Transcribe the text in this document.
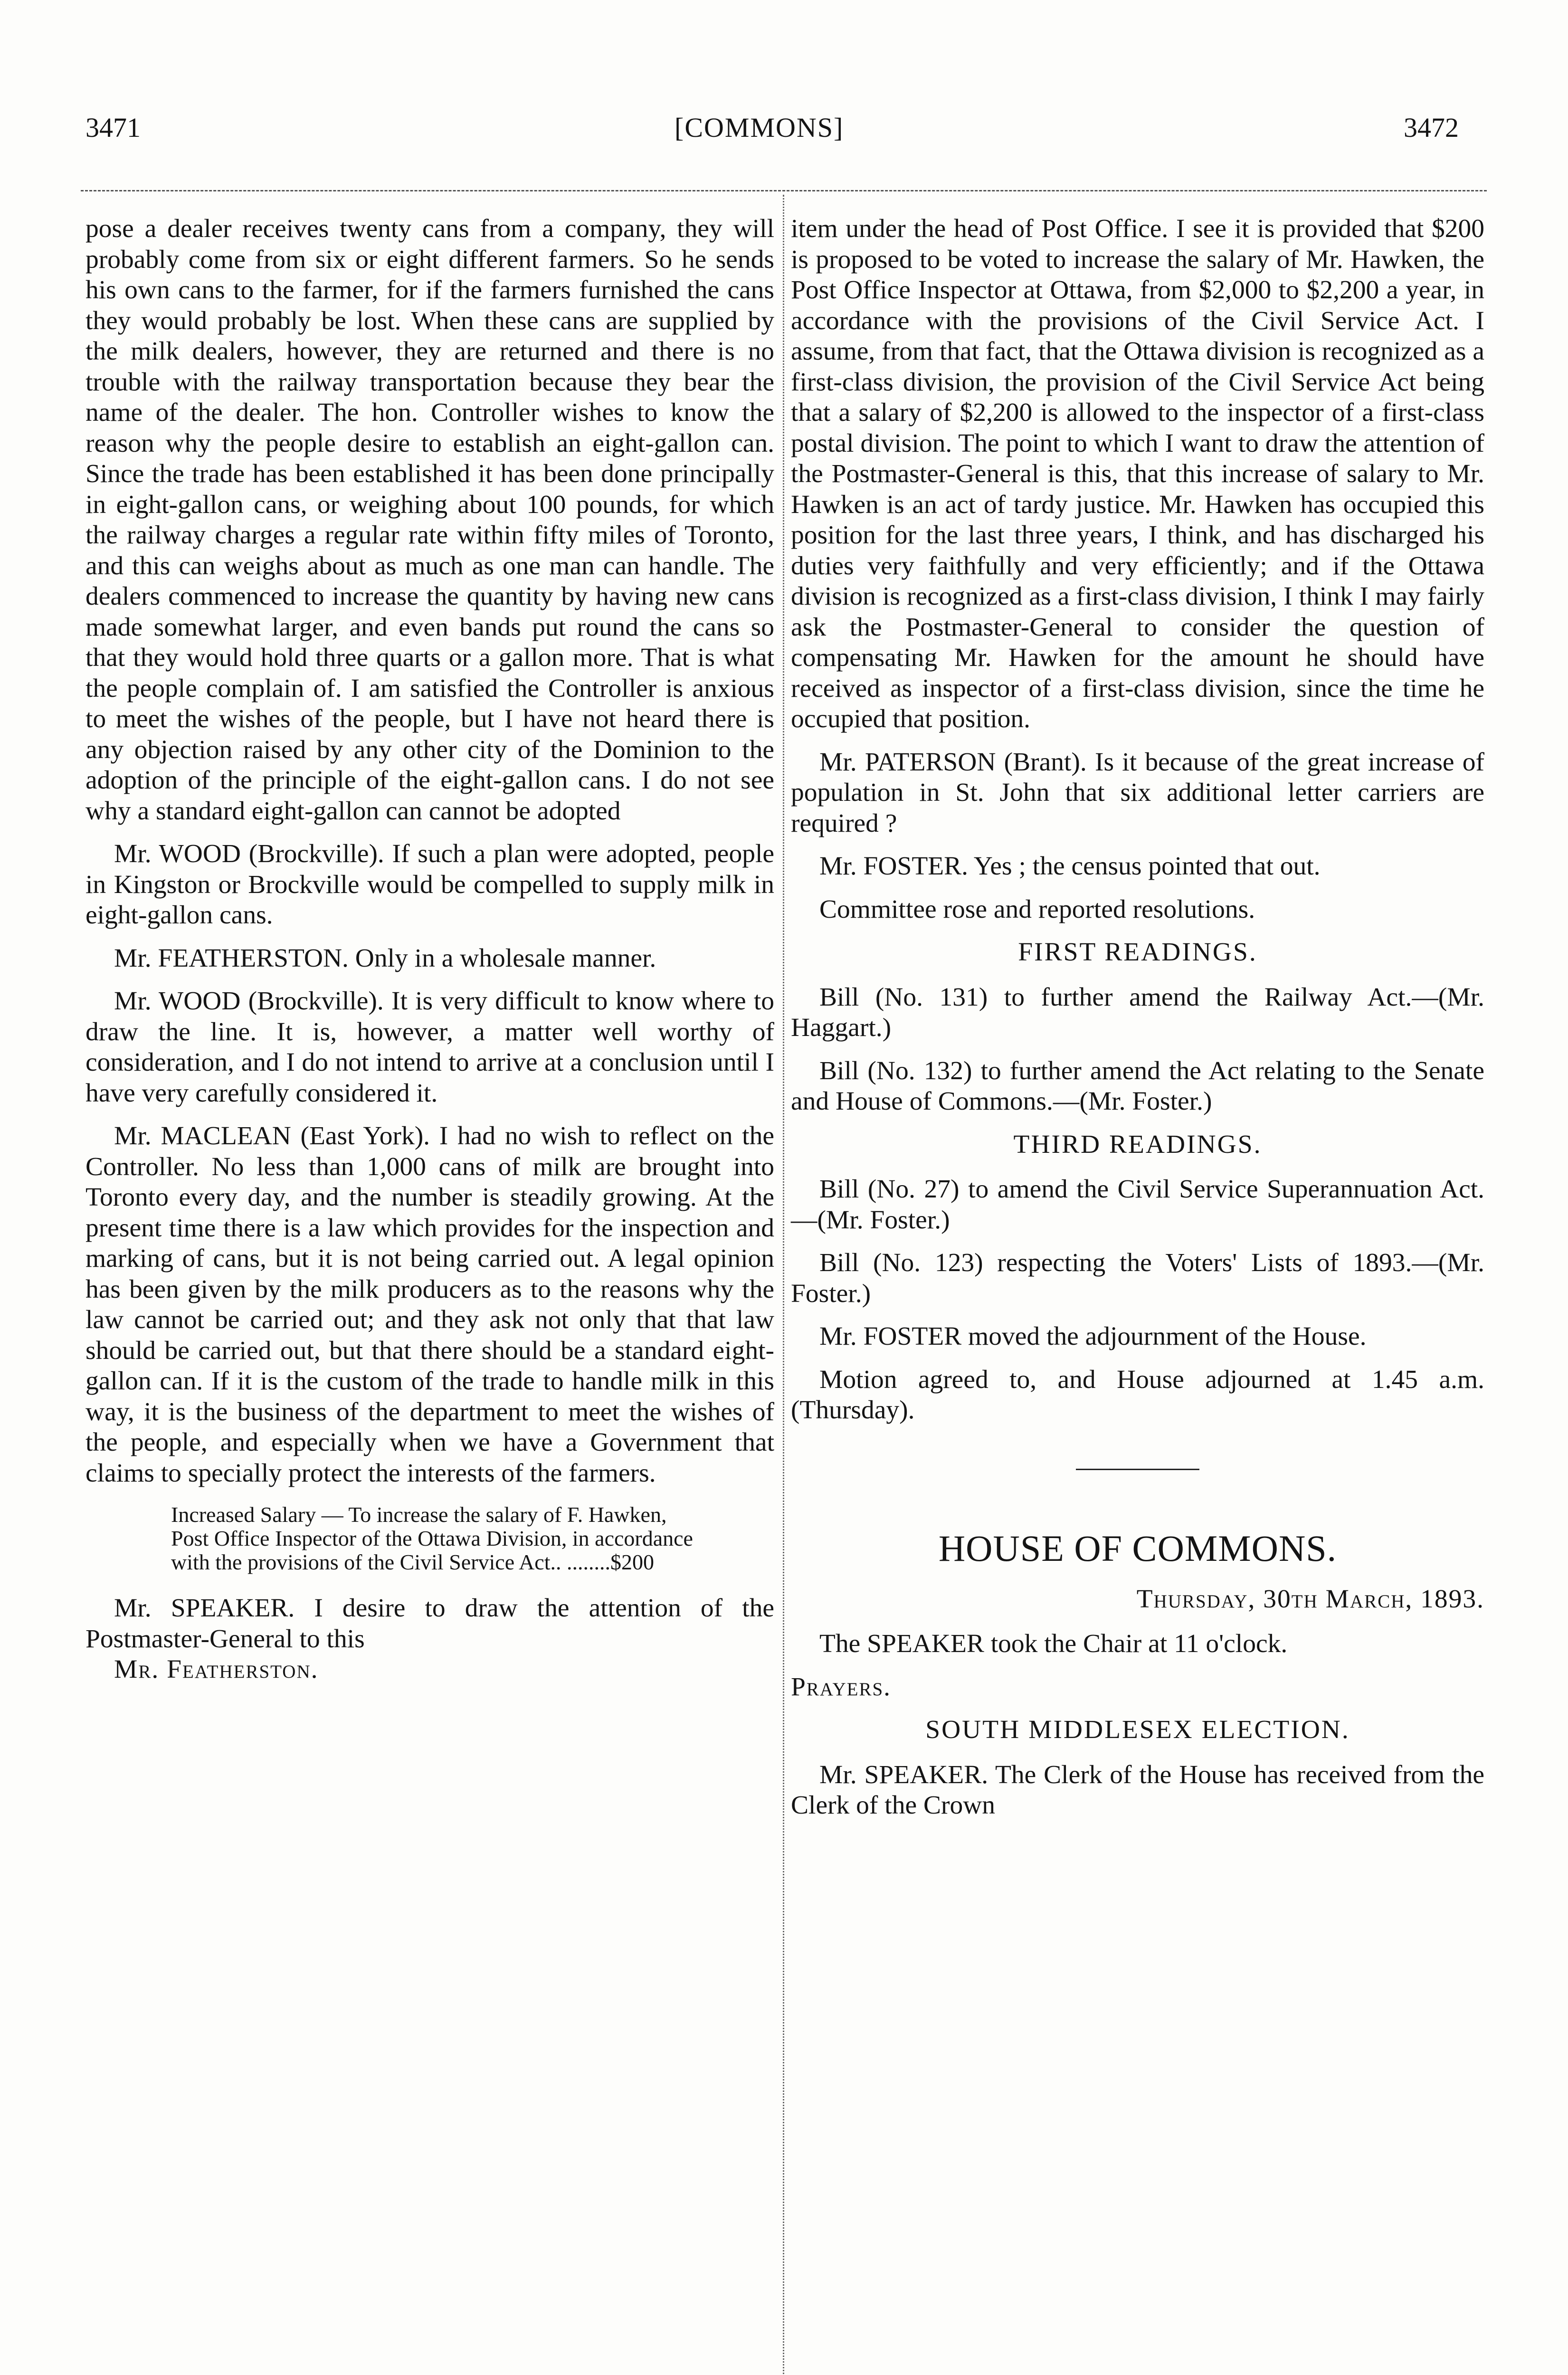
3471	[COMMONS]	3472

pose a dealer receives twenty cans from a company, they will probably come from six or eight different farmers. So he sends his own cans to the farmer, for if the farmers furnished the cans they would probably be lost. When these cans are supplied by the milk dealers, however, they are returned and there is no trouble with the railway transportation because they bear the name of the dealer. The hon. Controller wishes to know the reason why the people desire to establish an eight-gallon can. Since the trade has been established it has been done principally in eight-gallon cans, or weighing about 100 pounds, for which the railway charges a regular rate within fifty miles of Toronto, and this can weighs about as much as one man can handle. The dealers commenced to increase the quantity by having new cans made somewhat larger, and even bands put round the cans so that they would hold three quarts or a gallon more. That is what the people complain of. I am satisfied the Controller is anxious to meet the wishes of the people, but I have not heard there is any objection raised by any other city of the Dominion to the adoption of the principle of the eight-gallon cans. I do not see why a standard eight-gallon can cannot be adopted

Mr. WOOD (Brockville). If such a plan were adopted, people in Kingston or Brockville would be compelled to supply milk in eight-gallon cans.

Mr. FEATHERSTON. Only in a wholesale manner.

Mr. WOOD (Brockville). It is very difficult to know where to draw the line. It is, however, a matter well worthy of consideration, and I do not intend to arrive at a conclusion until I have very carefully considered it.

Mr. MACLEAN (East York). I had no wish to reflect on the Controller. No less than 1,000 cans of milk are brought into Toronto every day, and the number is steadily growing. At the present time there is a law which provides for the inspection and marking of cans, but it is not being carried out. A legal opinion has been given by the milk producers as to the reasons why the law cannot be carried out; and they ask not only that that law should be carried out, but that there should be a standard eight-gallon can. If it is the custom of the trade to handle milk in this way, it is the business of the department to meet the wishes of the people, and especially when we have a Government that claims to specially protect the interests of the farmers.

Increased Salary — To increase the salary of F. Hawken, Post Office Inspector of the Ottawa Division, in accordance with the provisions of the Civil Service Act.. ........$200

Mr. SPEAKER. I desire to draw the attention of the Postmaster-General to this

Mr. Featherston.

item under the head of Post Office. I see it is provided that $200 is proposed to be voted to increase the salary of Mr. Hawken, the Post Office Inspector at Ottawa, from $2,000 to $2,200 a year, in accordance with the provisions of the Civil Service Act. I assume, from that fact, that the Ottawa division is recognized as a first-class division, the provision of the Civil Service Act being that a salary of $2,200 is allowed to the inspector of a first-class postal division. The point to which I want to draw the attention of the Postmaster-General is this, that this increase of salary to Mr. Hawken is an act of tardy justice. Mr. Hawken has occupied this position for the last three years, I think, and has discharged his duties very faithfully and very efficiently; and if the Ottawa division is recognized as a first-class division, I think I may fairly ask the Postmaster-General to consider the question of compensating Mr. Hawken for the amount he should have received as inspector of a first-class division, since the time he occupied that position.

Mr. PATERSON (Brant). Is it because of the great increase of population in St. John that six additional letter carriers are required ?

Mr. FOSTER. Yes ; the census pointed that out.

Committee rose and reported resolutions.

FIRST READINGS.

Bill (No. 131) to further amend the Railway Act.—(Mr. Haggart.)

Bill (No. 132) to further amend the Act relating to the Senate and House of Commons.—(Mr. Foster.)

THIRD READINGS.

Bill (No. 27) to amend the Civil Service Superannuation Act.—(Mr. Foster.)

Bill (No. 123) respecting the Voters' Lists of 1893.—(Mr. Foster.)

Mr. FOSTER moved the adjournment of the House.

Motion agreed to, and House adjourned at 1.45 a.m. (Thursday).

HOUSE OF COMMONS.
Thursday, 30th March, 1893.

The SPEAKER took the Chair at 11 o'clock.

Prayers.

SOUTH MIDDLESEX ELECTION.

Mr. SPEAKER. The Clerk of the House has received from the Clerk of the Crown
